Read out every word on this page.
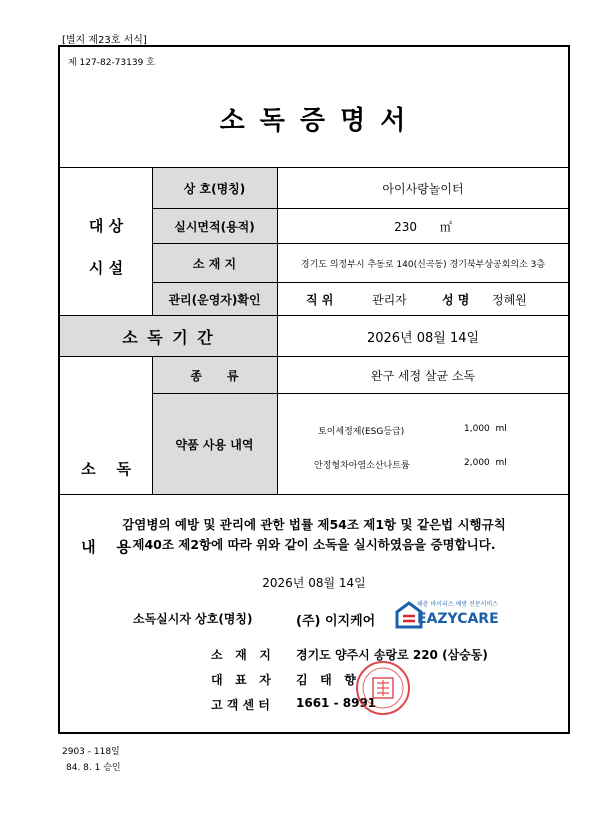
[별지 제23호 서식]
제 127-82-73139 호
소 독 증 명 서
대 상
시 설
상 호(명칭)	아이사랑놀이터
실시면적(용적)	230      ㎡
소 재 지	경기도 의정부시 추동로 140(신곡동) 경기북부상공회의소 3층
관리(운영자)확인	직 위	관리자	성 명 정혜원
소 독 기 간	2026년 08월 14일

소    독

내    용

종      류	완구 세정 살균 소독
약품 사용 내역
토이세정제(ESG등급)	1,000  ml
안정형차아염소산나트륨	2,000  ml
감염병의 예방 및 관리에 관한 법률 제54조 제1항 및 같은법 시행규칙
제40조 제2항에 따라 위와 같이 소독을 실시하였음을 증명합니다.
2026년 08월 14일
소독실시자 상호(명칭)	(주) 이지케어
해충 바이러스 예방 전문서비스
EAZYCARE
소   재   지 경기도 양주시 송랑로 220 (삼숭동)
대   표   자 김   태   향
고 객 센 터 1661 - 8991
2903 - 118일
84. 8. 1 승인
